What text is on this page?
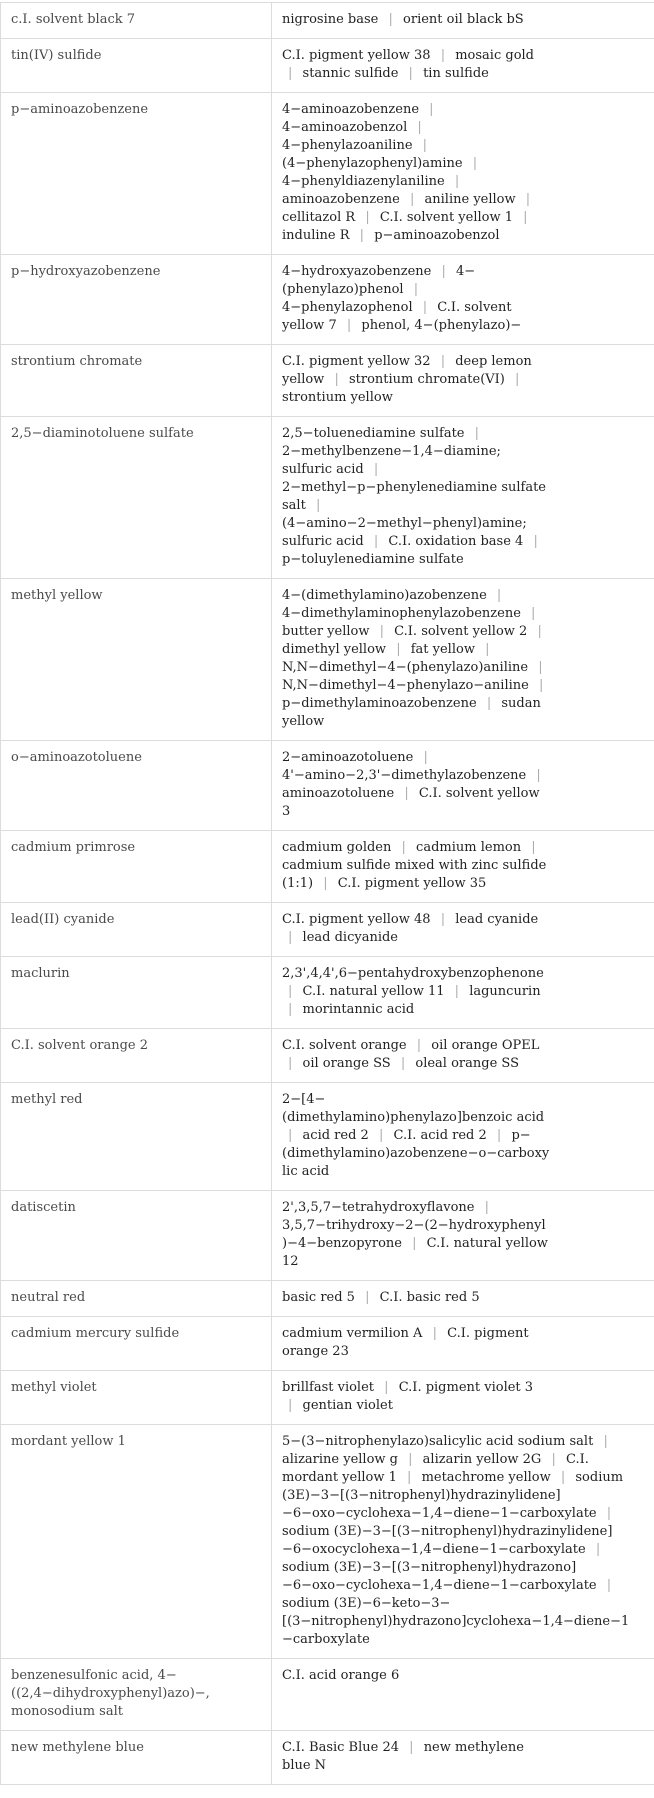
c.I. solvent black 7	nigrosine base | orient oil black bS

tin(IV) sulfide	C.I. pigment yellow 38 | mosaic gold | stannic sulfide | tin sulfide

p−aminoazobenzene	4−aminoazobenzene | 4−aminoazobenzol | 4−phenylazoaniline | (4−phenylazophenyl)amine | 4−phenyldiazenylaniline | aminoazobenzene | aniline yellow | cellitazol R | C.I. solvent yellow 1 | induline R | p−aminoazobenzol

p−hydroxyazobenzene	4−hydroxyazobenzene | 4−(phenylazo)phenol | 4−phenylazophenol | C.I. solvent yellow 7 | phenol, 4−(phenylazo)−

strontium chromate	C.I. pigment yellow 32 | deep lemon yellow | strontium chromate(VI) | strontium yellow

2,5−diaminotoluene sulfate	2,5−toluenediamine sulfate | 2−methylbenzene−1,4−diamine; sulfuric acid | 2−methyl−p−phenylenediamine sulfate salt | (4−amino−2−methyl−phenyl)amine; sulfuric acid | C.I. oxidation base 4 | p−toluylenediamine sulfate

methyl yellow	4−(dimethylamino)azobenzene | 4−dimethylaminophenylazobenzene | butter yellow | C.I. solvent yellow 2 | dimethyl yellow | fat yellow | N,N−dimethyl−4−(phenylazo)aniline | N,N−dimethyl−4−phenylazo−aniline | p−dimethylaminoazobenzene | sudan yellow

o−aminoazotoluene	2−aminoazotoluene | 4'−amino−2,3'−dimethylazobenzene | aminoazotoluene | C.I. solvent yellow 3

cadmium primrose	cadmium golden | cadmium lemon | cadmium sulfide mixed with zinc sulfide (1:1) | C.I. pigment yellow 35

lead(II) cyanide	C.I. pigment yellow 48 | lead cyanide | lead dicyanide

maclurin	2,3',4,4',6−pentahydroxybenzophenone | C.I. natural yellow 11 | laguncurin | morintannic acid

C.I. solvent orange 2	C.I. solvent orange | oil orange OPEL | oil orange SS | oleal orange SS

methyl red	2−[4−(dimethylamino)phenylazo]benzoic acid | acid red 2 | C.I. acid red 2 | p−(dimethylamino)azobenzene−o−carboxylic acid

datiscetin	2',3,5,7−tetrahydroxyflavone | 3,5,7−trihydroxy−2−(2−hydroxyphenyl)−4−benzopyrone | C.I. natural yellow 12

neutral red	basic red 5 | C.I. basic red 5

cadmium mercury sulfide	cadmium vermilion A | C.I. pigment orange 23

methyl violet	brillfast violet | C.I. pigment violet 3 | gentian violet

mordant yellow 1	5−(3−nitrophenylazo)salicylic acid sodium salt | alizarine yellow g | alizarin yellow 2G | C.I. mordant yellow 1 | metachrome yellow | sodium (3E)−3−[(3−nitrophenyl)hydrazinylidene]−6−oxo−cyclohexa−1,4−diene−1−carboxylate | sodium (3E)−3−[(3−nitrophenyl)hydrazinylidene]−6−oxocyclohexa−1,4−diene−1−carboxylate | sodium (3E)−3−[(3−nitrophenyl)hydrazono]−6−oxo−cyclohexa−1,4−diene−1−carboxylate | sodium (3E)−6−keto−3−[(3−nitrophenyl)hydrazono]cyclohexa−1,4−diene−1−carboxylate

benzenesulfonic acid, 4−((2,4−dihydroxyphenyl)azo)−, monosodium salt	C.I. acid orange 6

new methylene blue	C.I. Basic Blue 24 | new methylene blue N
